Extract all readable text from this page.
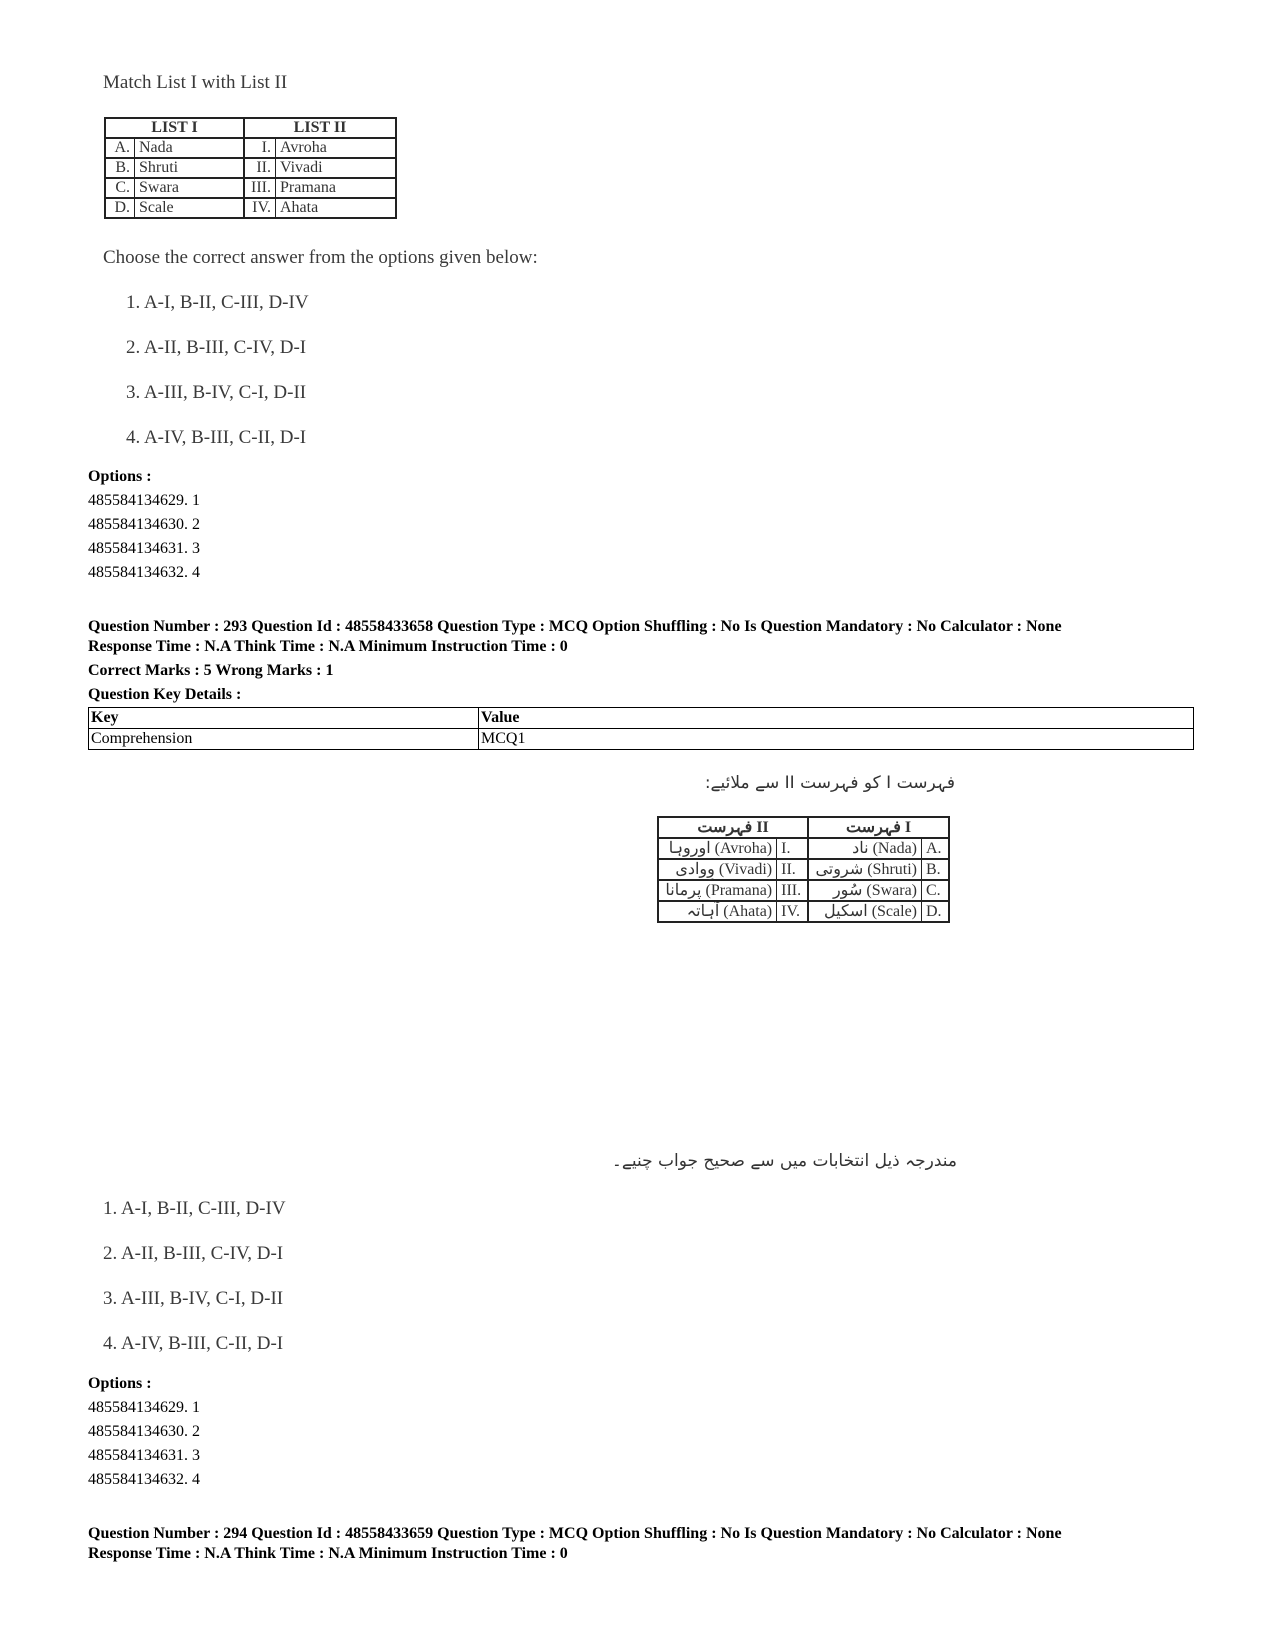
Match List I with List II
LIST I		LIST II	
A.	Nada	I.	Avroha
B.	Shruti	II.	Vivadi
C.	Swara	III.	Pramana
D.	Scale	IV.	Ahata
Choose the correct answer from the options given below:
1. A-I, B-II, C-III, D-IV
2. A-II, B-III, C-IV, D-I
3. A-III, B-IV, C-I, D-II
4. A-IV, B-III, C-II, D-I
Options :
485584134629. 1
485584134630. 2
485584134631. 3
485584134632. 4
Question Number : 293 Question Id : 48558433658 Question Type : MCQ Option Shuffling : No Is Question Mandatory : No Calculator : None
Response Time : N.A Think Time : N.A Minimum Instruction Time : 0
Correct Marks : 5 Wrong Marks : 1
Question Key Details :
Key	Value
Comprehension	MCQ1
فہرست I کو فہرست II سے ملائیے:
فہرست II		فہرست I	
اوروہا (Avroha)	I.	ناد (Nada)	A.
وِوادی (Vivadi)	II.	شروتی (Shruti)	B.
پرمانا (Pramana)	III.	سُور (Swara)	C.
آہاتہ (Ahata)	IV.	اسکیل (Scale)	D.
مندرجہ ذیل انتخابات میں سے صحیح جواب چنیے۔
1. A-I, B-II, C-III, D-IV
2. A-II, B-III, C-IV, D-I
3. A-III, B-IV, C-I, D-II
4. A-IV, B-III, C-II, D-I
Options :
485584134629. 1
485584134630. 2
485584134631. 3
485584134632. 4
Question Number : 294 Question Id : 48558433659 Question Type : MCQ Option Shuffling : No Is Question Mandatory : No Calculator : None
Response Time : N.A Think Time : N.A Minimum Instruction Time : 0
